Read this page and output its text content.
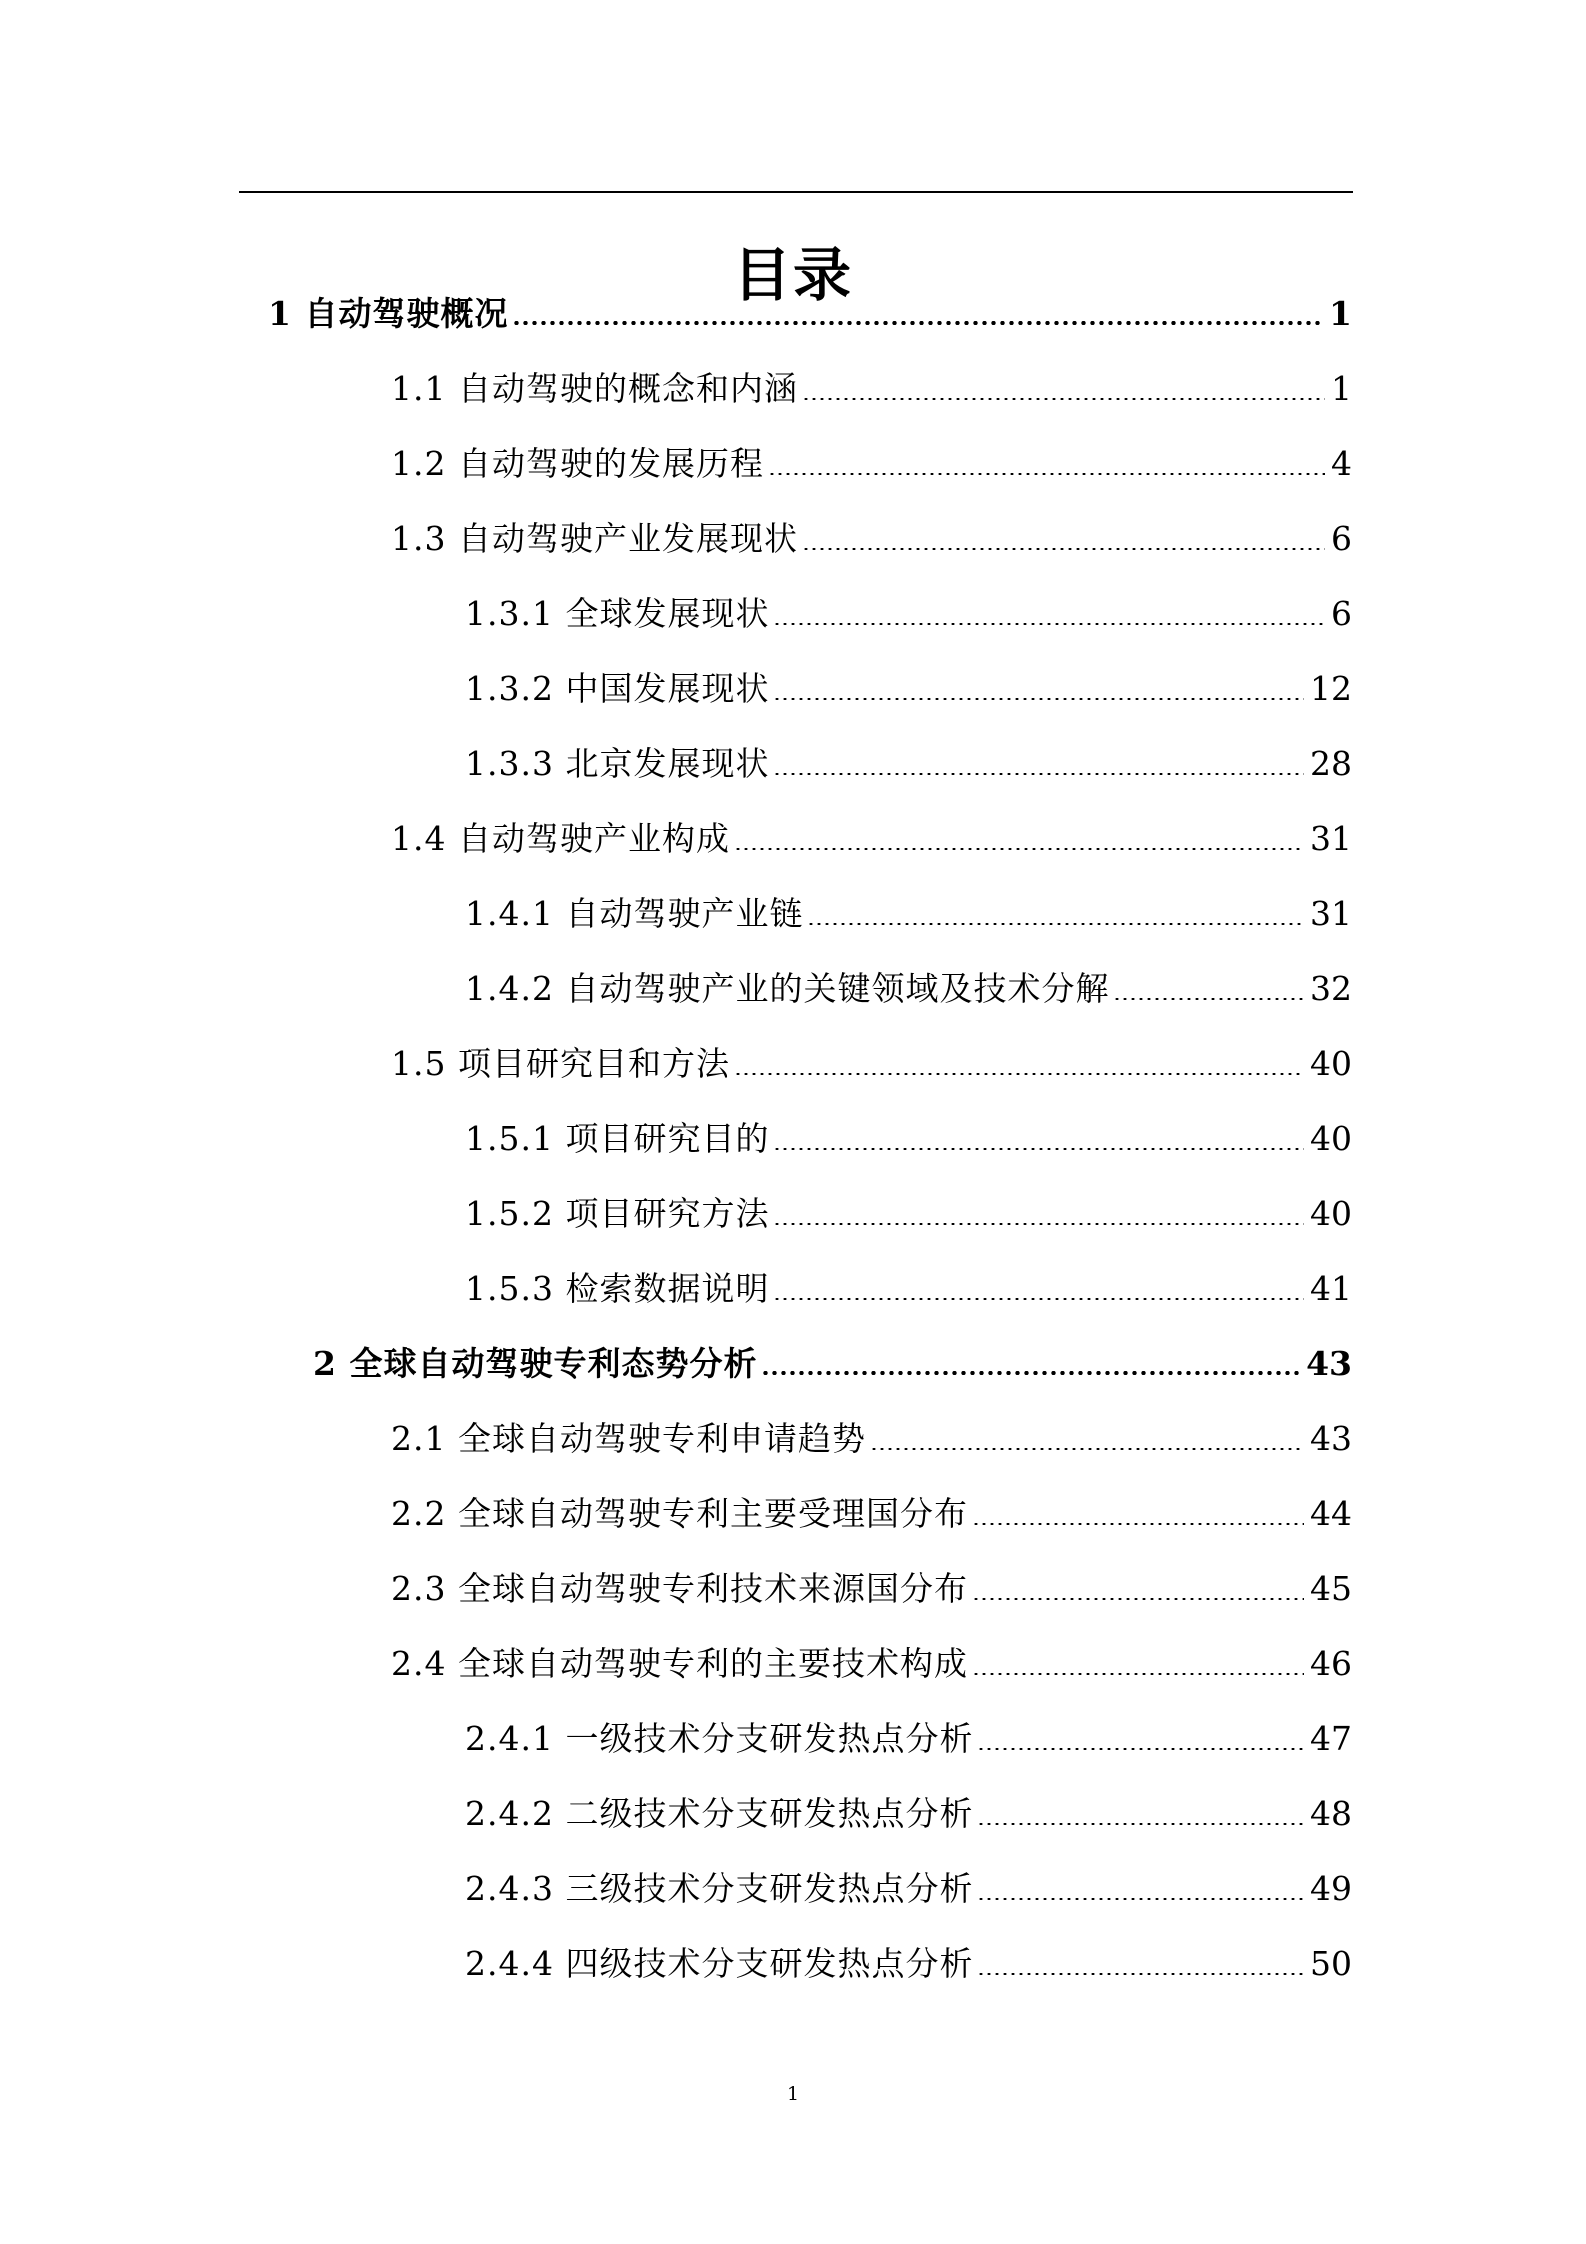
目录
1 自动驾驶概况	1
1.1 自动驾驶的概念和内涵	1
1.2 自动驾驶的发展历程	4
1.3 自动驾驶产业发展现状	6
1.3.1 全球发展现状	6
1.3.2 中国发展现状	12
1.3.3 北京发展现状	28
1.4 自动驾驶产业构成	31
1.4.1 自动驾驶产业链	31
1.4.2 自动驾驶产业的关键领域及技术分解	32
1.5 项目研究目和方法	40
1.5.1 项目研究目的	40
1.5.2 项目研究方法	40
1.5.3 检索数据说明	41
2 全球自动驾驶专利态势分析	43
2.1 全球自动驾驶专利申请趋势	43
2.2 全球自动驾驶专利主要受理国分布	44
2.3 全球自动驾驶专利技术来源国分布	45
2.4 全球自动驾驶专利的主要技术构成	46
2.4.1 一级技术分支研发热点分析	47
2.4.2 二级技术分支研发热点分析	48
2.4.3 三级技术分支研发热点分析	49
2.4.4 四级技术分支研发热点分析	50
1
